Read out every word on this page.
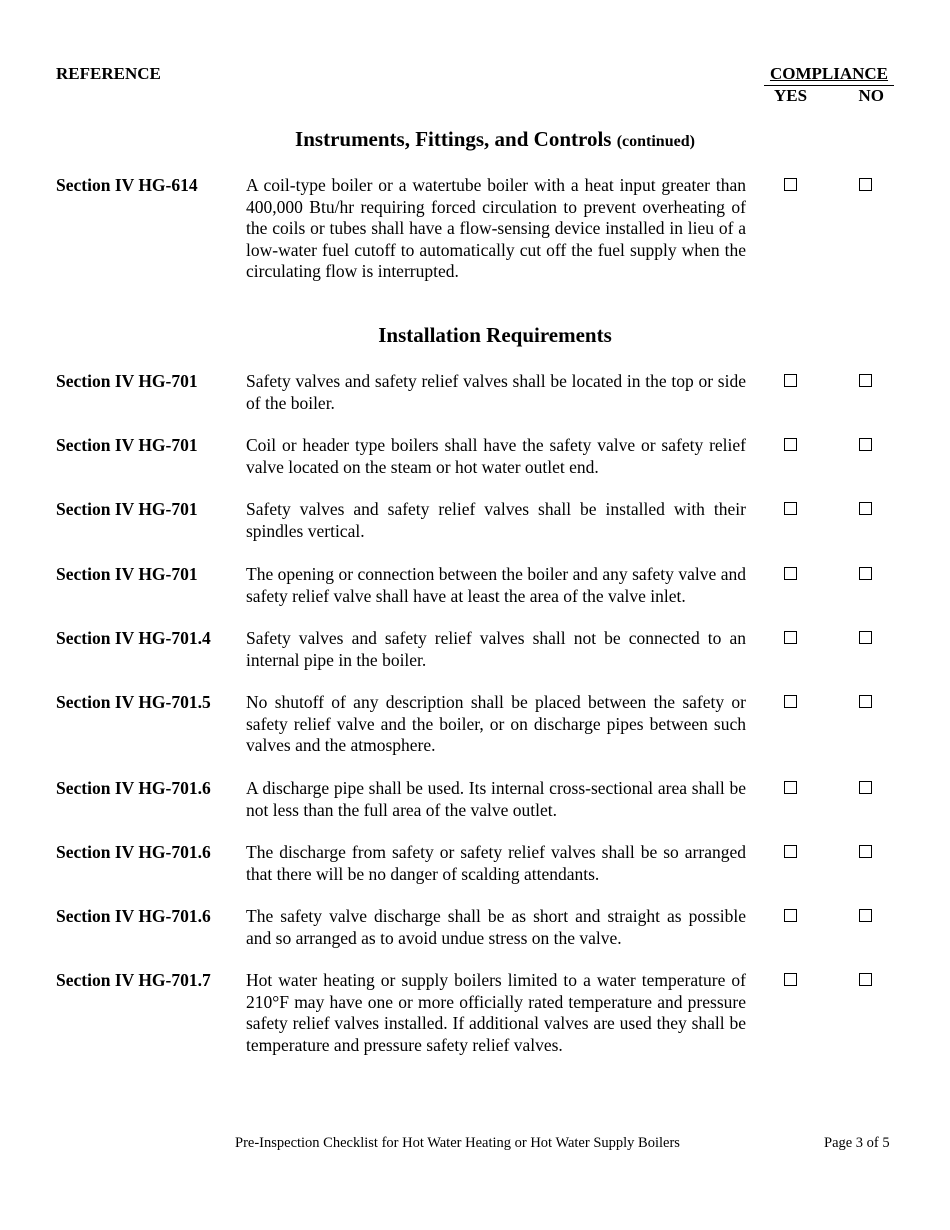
REFERENCE	COMPLIANCE
YES	NO
Instruments, Fittings, and Controls (continued)
Section IV HG-614	A coil-type boiler or a watertube boiler with a heat input greater than 400,000 Btu/hr requiring forced circulation to prevent overheating of the coils or tubes shall have a flow-sensing device installed in lieu of a low-water fuel cutoff to automatically cut off the fuel supply when the circulating flow is interrupted.
Installation Requirements
Section IV HG-701	Safety valves and safety relief valves shall be located in the top or side of the boiler.
Section IV HG-701	Coil or header type boilers shall have the safety valve or safety relief valve located on the steam or hot water outlet end.
Section IV HG-701	Safety valves and safety relief valves shall be installed with their spindles vertical.
Section IV HG-701	The opening or connection between the boiler and any safety valve and safety relief valve shall have at least the area of the valve inlet.
Section IV HG-701.4 Safety valves and safety relief valves shall not be connected to an internal pipe in the boiler.
Section IV HG-701.5 No shutoff of any description shall be placed between the safety or safety relief valve and the boiler, or on discharge pipes between such valves and the atmosphere.
Section IV HG-701.6 A discharge pipe shall be used. Its internal cross-sectional area shall be not less than the full area of the valve outlet.
Section IV HG-701.6 The discharge from safety or safety relief valves shall be so arranged that there will be no danger of scalding attendants.
Section IV HG-701.6 The safety valve discharge shall be as short and straight as possible and so arranged as to avoid undue stress on the valve.
Section IV HG-701.7 Hot water heating or supply boilers limited to a water temperature of 210°F may have one or more officially rated temperature and pressure safety relief valves installed. If additional valves are used they shall be temperature and pressure safety relief valves.
Pre-Inspection Checklist for Hot Water Heating or Hot Water Supply Boilers	Page 3 of 5
